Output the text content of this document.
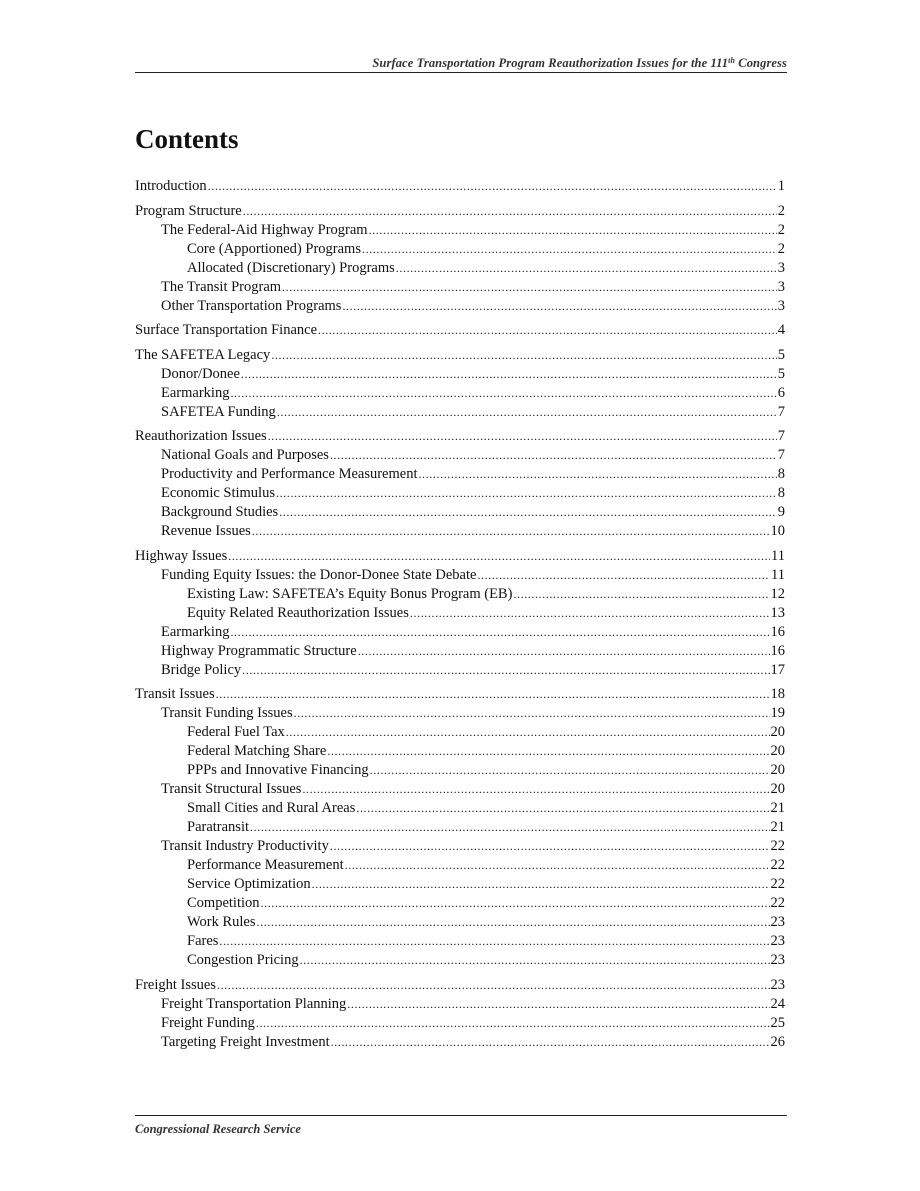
Surface Transportation Program Reauthorization Issues for the 111th Congress
Contents
Introduction .....	1
Program Structure .....	2
The Federal-Aid Highway Program .....	2
Core (Apportioned) Programs .....	2
Allocated (Discretionary) Programs .....	3
The Transit Program .....	3
Other Transportation Programs .....	3
Surface Transportation Finance .....	4
The SAFETEA Legacy .....	5
Donor/Donee .....	5
Earmarking .....	6
SAFETEA Funding .....	7
Reauthorization Issues .....	7
National Goals and Purposes .....	7
Productivity and Performance Measurement .....	8
Economic Stimulus .....	8
Background Studies .....	9
Revenue Issues .....	10
Highway Issues .....	11
Funding Equity Issues: the Donor-Donee State Debate .....	11
Existing Law: SAFETEA’s Equity Bonus Program (EB) .....	12
Equity Related Reauthorization Issues .....	13
Earmarking .....	16
Highway Programmatic Structure .....	16
Bridge Policy .....	17
Transit Issues .....	18
Transit Funding Issues .....	19
Federal Fuel Tax .....	20
Federal Matching Share .....	20
PPPs and Innovative Financing .....	20
Transit Structural Issues .....	20
Small Cities and Rural Areas .....	21
Paratransit .....	21
Transit Industry Productivity .....	22
Performance Measurement .....	22
Service Optimization .....	22
Competition .....	22
Work Rules .....	23
Fares .....	23
Congestion Pricing .....	23
Freight Issues .....	23
Freight Transportation Planning .....	24
Freight Funding .....	25
Targeting Freight Investment .....	26
Congressional Research Service
